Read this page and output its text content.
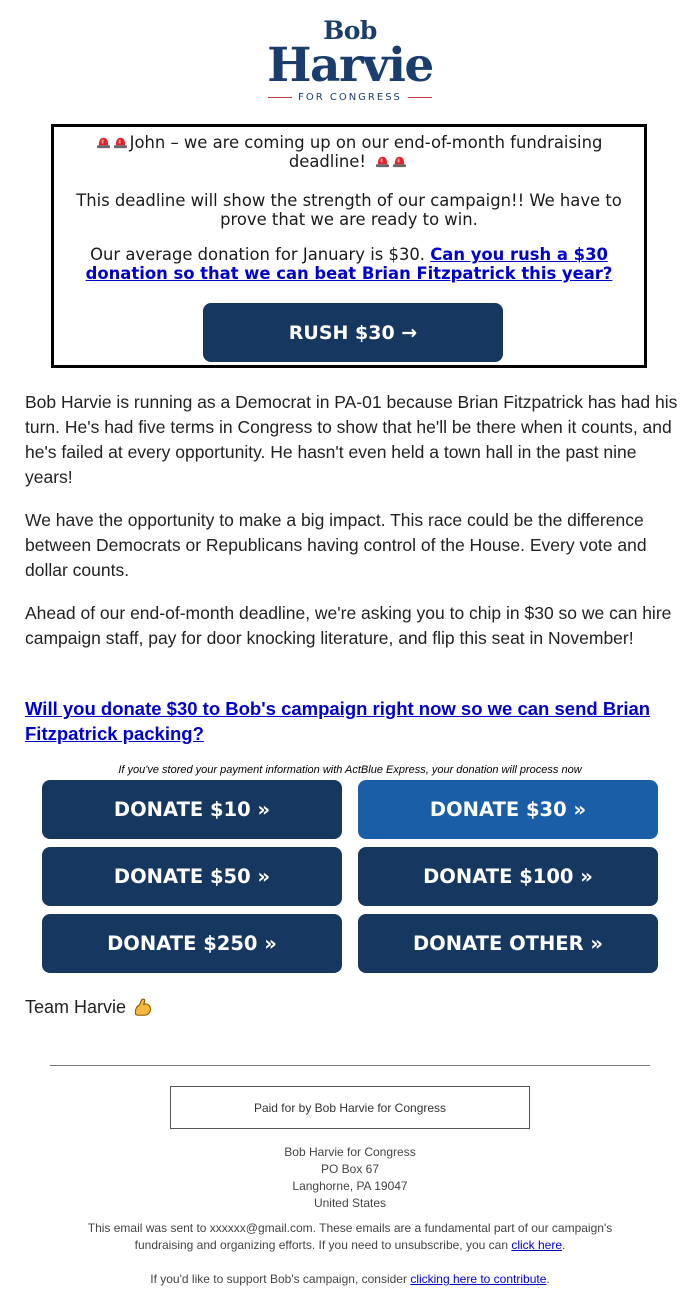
Bob
Harvie
FOR CONGRESS

John – we are coming up on our end-of-month fundraising deadline!

This deadline will show the strength of our campaign!! We have to prove that we are ready to win.

Our average donation for January is $30. Can you rush a $30 donation so that we can beat Brian Fitzpatrick this year?

RUSH $30 →

Bob Harvie is running as a Democrat in PA-01 because Brian Fitzpatrick has had his turn. He's had five terms in Congress to show that he'll be there when it counts, and he's failed at every opportunity. He hasn't even held a town hall in the past nine years!

We have the opportunity to make a big impact. This race could be the difference between Democrats or Republicans having control of the House. Every vote and dollar counts.

Ahead of our end-of-month deadline, we're asking you to chip in $30 so we can hire campaign staff, pay for door knocking literature, and flip this seat in November!

Will you donate $30 to Bob's campaign right now so we can send Brian Fitzpatrick packing?
If you've stored your payment information with ActBlue Express, your donation will process now
DONATE $10 »	DONATE $30 »
DONATE $50 »	DONATE $100 »
DONATE $250 »	DONATE OTHER »
Team Harvie
Paid for by Bob Harvie for Congress
Bob Harvie for Congress
PO Box 67
Langhorne, PA 19047
United States

This email was sent to xxxxxx@gmail.com. These emails are a fundamental part of our campaign's fundraising and organizing efforts. If you need to unsubscribe, you can click here.

If you'd like to support Bob's campaign, consider clicking here to contribute.
